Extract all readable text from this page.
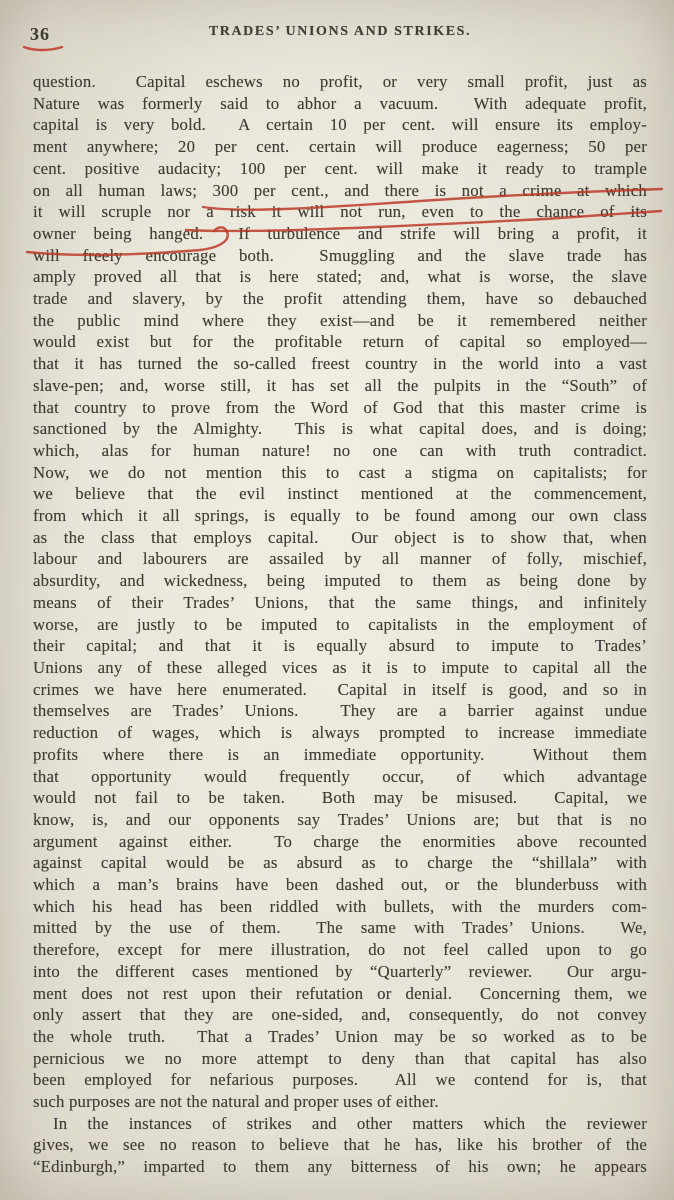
36	TRADES’ UNIONS AND STRIKES.
question.  Capital eschews no profit, or very small profit, just as
Nature was formerly said to abhor a vacuum.  With adequate profit,
capital is very bold.  A certain 10 per cent. will ensure its employ-
ment anywhere; 20 per cent. certain will produce eagerness; 50 per
cent. positive audacity; 100 per cent. will make it ready to trample
on all human laws; 300 per cent., and there is not a crime at which
it will scruple nor a risk it will not run, even to the chance of its
owner being hanged.  If turbulence and strife will bring a profit, it
will freely encourage both.  Smuggling and the slave trade has
amply proved all that is here stated; and, what is worse, the slave
trade and slavery, by the profit attending them, have so debauched
the public mind where they exist—and be it remembered neither
would exist but for the profitable return of capital so employed—
that it has turned the so-called freest country in the world into a vast
slave-pen; and, worse still, it has set all the pulpits in the “South” of
that country to prove from the Word of God that this master crime is
sanctioned by the Almighty.  This is what capital does, and is doing;
which, alas for human nature! no one can with truth contradict.
Now, we do not mention this to cast a stigma on capitalists; for
we believe that the evil instinct mentioned at the commencement,
from which it all springs, is equally to be found among our own class
as the class that employs capital.  Our object is to show that, when
labour and labourers are assailed by all manner of folly, mischief,
absurdity, and wickedness, being imputed to them as being done by
means of their Trades’ Unions, that the same things, and infinitely
worse, are justly to be imputed to capitalists in the employment of
their capital; and that it is equally absurd to impute to Trades’
Unions any of these alleged vices as it is to impute to capital all the
crimes we have here enumerated.  Capital in itself is good, and so in
themselves are Trades’ Unions.  They are a barrier against undue
reduction of wages, which is always prompted to increase immediate
profits where there is an immediate opportunity.  Without them
that opportunity would frequently occur, of which advantage
would not fail to be taken.  Both may be misused.  Capital, we
know, is, and our opponents say Trades’ Unions are; but that is no
argument against either.  To charge the enormities above recounted
against capital would be as absurd as to charge the “shillala” with
which a man’s brains have been dashed out, or the blunderbuss with
which his head has been riddled with bullets, with the murders com-
mitted by the use of them.  The same with Trades’ Unions.  We,
therefore, except for mere illustration, do not feel called upon to go
into the different cases mentioned by “Quarterly” reviewer.  Our argu-
ment does not rest upon their refutation or denial.  Concerning them, we
only assert that they are one-sided, and, consequently, do not convey
the whole truth.  That a Trades’ Union may be so worked as to be
pernicious we no more attempt to deny than that capital has also
been employed for nefarious purposes.  All we contend for is, that
such purposes are not the natural and proper uses of either.
In the instances of strikes and other matters which the reviewer
gives, we see no reason to believe that he has, like his brother of the
“Edinburgh,” imparted to them any bitterness of his own; he appears
